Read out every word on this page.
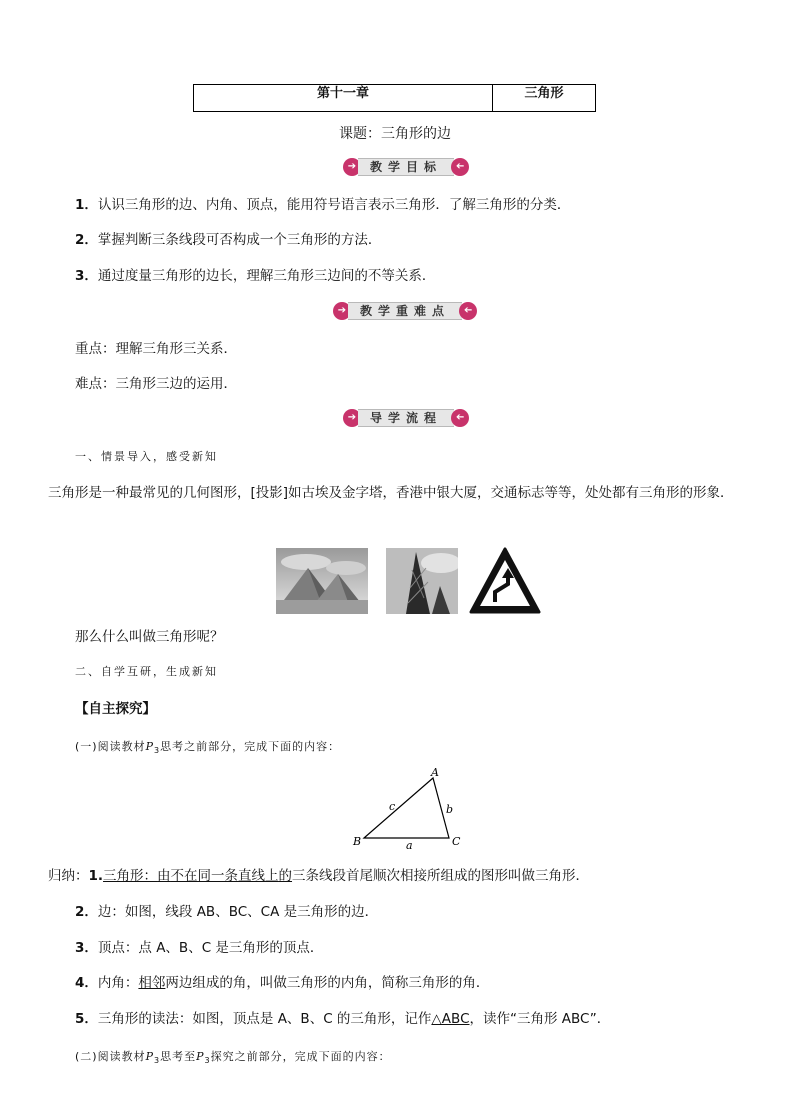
第十一章	三角形
课题：三角形的边
➔	教学目标	➔
1．认识三角形的边、内角、顶点，能用符号语言表示三角形．了解三角形的分类．
2．掌握判断三条线段可否构成一个三角形的方法．
3．通过度量三角形的边长，理解三角形三边间的不等关系．
➔	教学重难点	➔
重点：理解三角形三关系．
难点：三角形三边的运用．
➔	导学流程	➔
一、情景导入，感受新知
三角形是一种最常见的几何图形，[投影]如古埃及金字塔，香港中银大厦，交通标志等等，处处都有三角形的形象．
那么什么叫做三角形呢？
二、自学互研，生成新知
【自主探究】
(一)阅读教材$P_3$思考之前部分，完成下面的内容：
A
B	C
a
b
c
归纳：1.三角形：由不在同一条直线上的三条线段首尾顺次相接所组成的图形叫做三角形．
2．边：如图，线段 AB、BC、CA 是三角形的边．
3．顶点：点 A、B、C 是三角形的顶点．
4．内角：相邻两边组成的角，叫做三角形的内角，简称三角形的角．
5．三角形的读法：如图，顶点是 A、B、C 的三角形，记作△ABC，读作“三角形 ABC”．
(二)阅读教材$P_3$思考至$P_3$探究之前部分，完成下面的内容：
